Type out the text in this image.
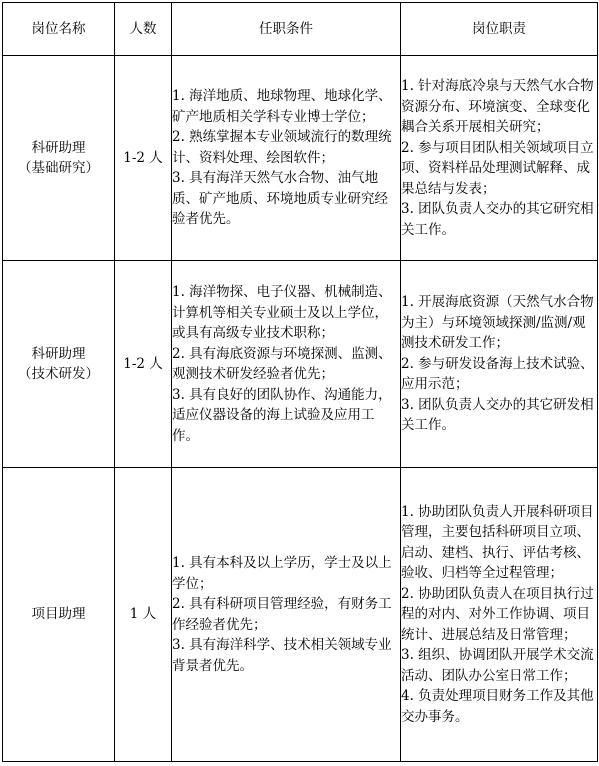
岗位名称	人数	任职条件	岗位职责

科研助理
（基础研究）	1-2 人	1. 海洋地质、地球物理、地球化学、矿产地质相关学科专业博士学位；
2. 熟练掌握本专业领域流行的数理统计、资料处理、绘图软件；
3. 具有海洋天然气水合物、油气地质、矿产地质、环境地质专业研究经验者优先。	1. 针对海底冷泉与天然气水合物资源分布、环境演变、全球变化耦合关系开展相关研究；
2. 参与项目团队相关领域项目立项、资料样品处理测试解释、成果总结与发表；
3. 团队负责人交办的其它研究相关工作。

科研助理
（技术研发）	1-2 人	1. 海洋物探、电子仪器、机械制造、计算机等相关专业硕士及以上学位，或具有高级专业技术职称；
2. 具有海底资源与环境探测、监测、观测技术研发经验者优先；
3. 具有良好的团队协作、沟通能力，适应仪器设备的海上试验及应用工作。	1. 开展海底资源（天然气水合物为主）与环境领域探测/监测/观测技术研发工作；
2. 参与研发设备海上技术试验、应用示范；
3. 团队负责人交办的其它研发相关工作。

项目助理	1 人	1. 具有本科及以上学历，学士及以上学位；
2. 具有科研项目管理经验，有财务工作经验者优先；
3. 具有海洋科学、技术相关领域专业背景者优先。	1. 协助团队负责人开展科研项目管理，主要包括科研项目立项、启动、建档、执行、评估考核、验收、归档等全过程管理；
2. 协助团队负责人在项目执行过程的对内、对外工作协调、项目统计、进展总结及日常管理；
3. 组织、协调团队开展学术交流活动、团队办公室日常工作；
4. 负责处理项目财务工作及其他交办事务。
